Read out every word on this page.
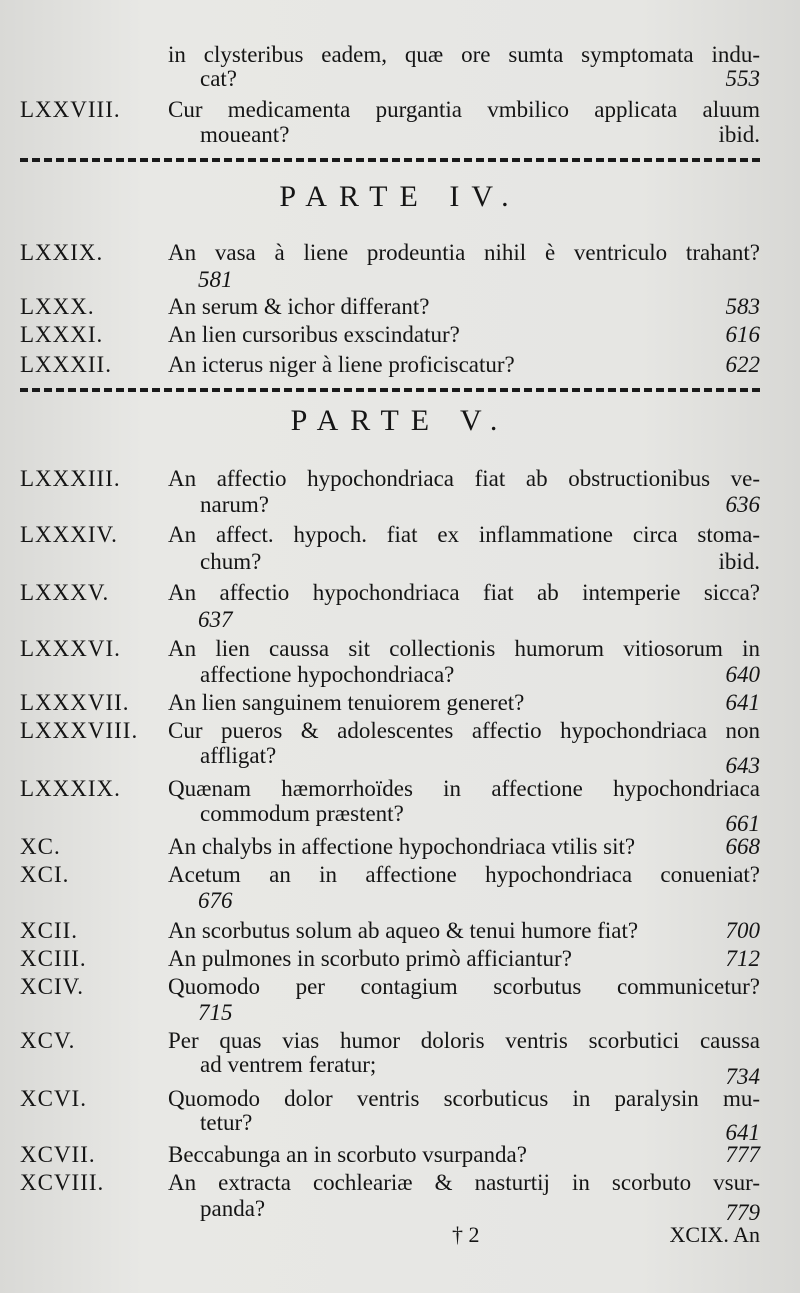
in clysteribus eadem, quæ ore sumta symptomata indu-
cat?	553
LXXVIII. Cur medicamenta purgantia vmbilico applicata aluum
moueant?	ibid.
PARTE IV.
LXXIX.	An vasa à liene prodeuntia nihil è ventriculo trahant?
581
LXXX.	An serum & ichor differant?	583
LXXXI.	An lien cursoribus exscindatur?	616
LXXXII. An icterus niger à liene proficiscatur?	622
PARTE V.
LXXXIII. An affectio hypochondriaca fiat ab obstructionibus ve-
narum?	636
LXXXIV. An affect. hypoch. fiat ex inflammatione circa stoma-
chum?	ibid.
LXXXV.	An affectio hypochondriaca fiat ab intemperie sicca?
637
LXXXVI. An lien caussa sit collectionis humorum vitiosorum in
affectione hypochondriaca?	640
LXXXVII. An lien sanguinem tenuiorem generet?	641
LXXXVIII. Cur pueros & adolescentes affectio hypochondriaca non
affligat?	643
LXXXIX. Quænam hæmorrhoïdes in affectione hypochondriaca
commodum præstent?	661
XC.	An chalybs in affectione hypochondriaca vtilis sit?	668
XCI.	Acetum an in affectione hypochondriaca conueniat?
676
XCII.	An scorbutus solum ab aqueo & tenui humore fiat?	700
XCIII.	An pulmones in scorbuto primò afficiantur?	712
XCIV.	Quomodo per contagium scorbutus communicetur?
715
XCV.	Per quas vias humor doloris ventris scorbutici caussa
ad ventrem feratur;	734
XCVI.	Quomodo dolor ventris scorbuticus in paralysin mu-
tetur?	641
XCVII.	Beccabunga an in scorbuto vsurpanda?	777
XCVIII.	An extracta cochleariæ & nasturtij in scorbuto vsur-
panda?	779
† 2	XCIX. An
